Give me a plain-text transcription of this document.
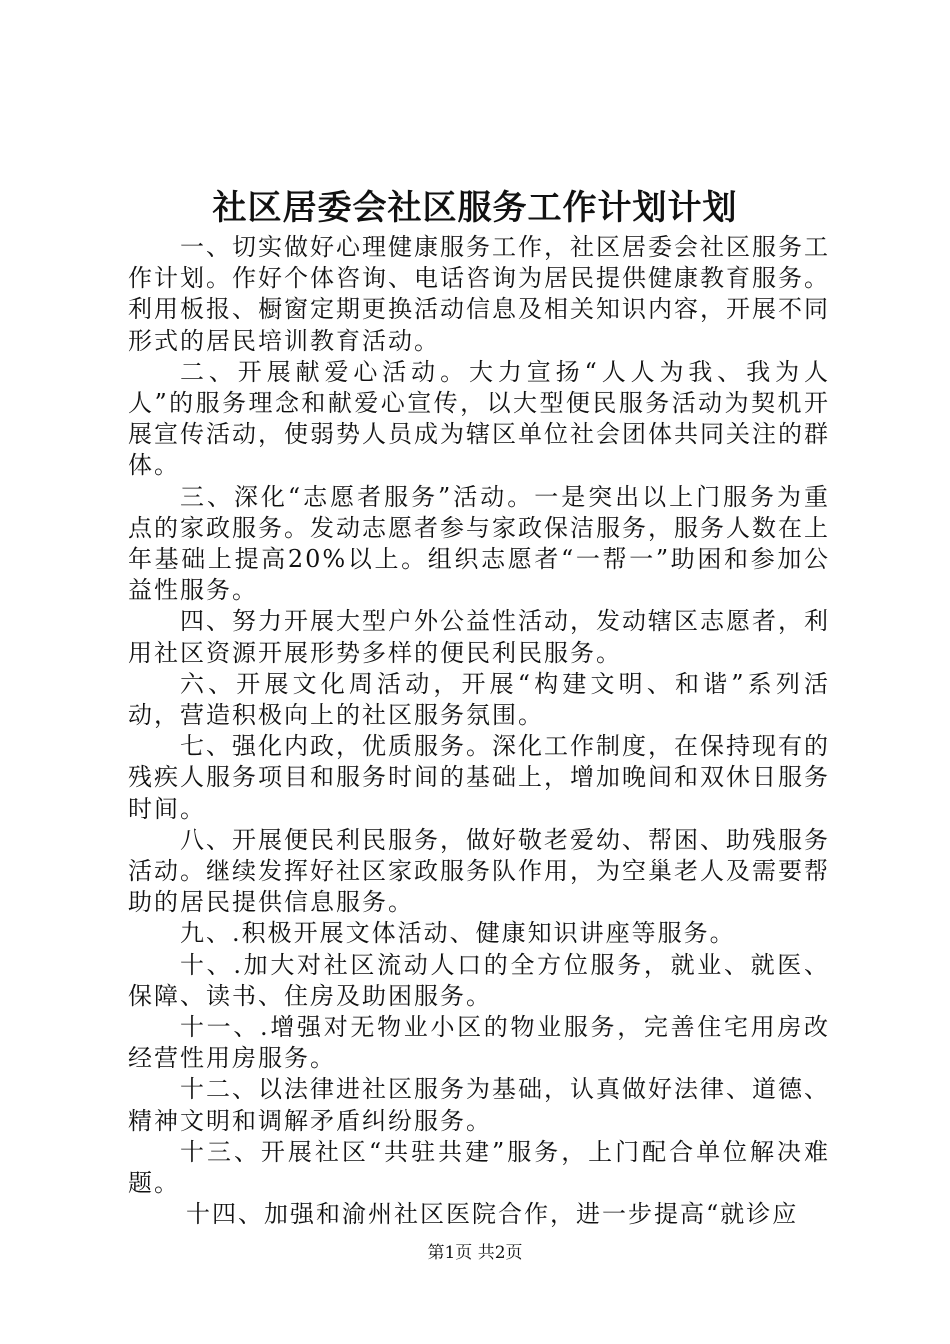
社区居委会社区服务工作计划计划

一、切实做好心理健康服务工作，社区居委会社区服务工作计划。作好个体咨询、电话咨询为居民提供健康教育服务。利用板报、橱窗定期更换活动信息及相关知识内容，开展不同形式的居民培训教育活动。

二、开展献爱心活动。大力宣扬“人人为我、我为人人”的服务理念和献爱心宣传，以大型便民服务活动为契机开展宣传活动，使弱势人员成为辖区单位社会团体共同关注的群体。

三、深化“志愿者服务”活动。一是突出以上门服务为重点的家政服务。发动志愿者参与家政保洁服务，服务人数在上年基础上提高20%以上。组织志愿者“一帮一”助困和参加公益性服务。

四、努力开展大型户外公益性活动，发动辖区志愿者，利用社区资源开展形势多样的便民利民服务。

六、开展文化周活动，开展“构建文明、和谐”系列活动，营造积极向上的社区服务氛围。

七、强化内政，优质服务。深化工作制度，在保持现有的残疾人服务项目和服务时间的基础上，增加晚间和双休日服务时间。

八、开展便民利民服务，做好敬老爱幼、帮困、助残服务活动。继续发挥好社区家政服务队作用，为空巢老人及需要帮助的居民提供信息服务。

九、.积极开展文体活动、健康知识讲座等服务。

十、.加大对社区流动人口的全方位服务，就业、就医、保障、读书、住房及助困服务。

十一、.增强对无物业小区的物业服务，完善住宅用房改经营性用房服务。

十二、以法律进社区服务为基础，认真做好法律、道德、精神文明和调解矛盾纠纷服务。

十三、开展社区“共驻共建”服务，上门配合单位解决难题。

十四、加强和渝州社区医院合作，进一步提高“就诊应

第1页 共2页
